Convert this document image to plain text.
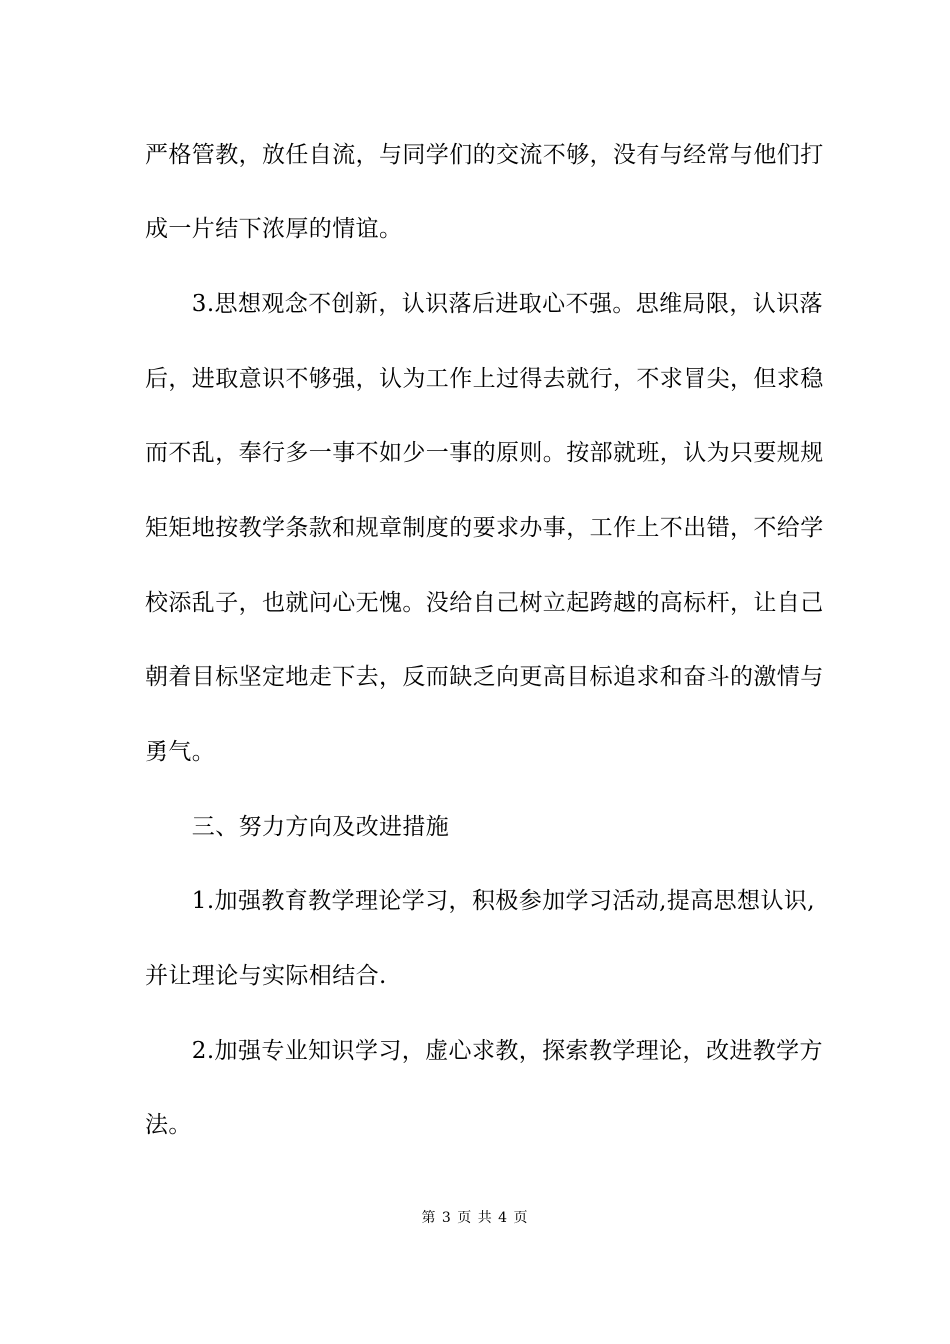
严格管教，放任自流，与同学们的交流不够，没有与经常与他们打
成一片结下浓厚的情谊。
　　3.思想观念不创新，认识落后进取心不强。思维局限，认识落
后，进取意识不够强，认为工作上过得去就行，不求冒尖，但求稳
而不乱，奉行多一事不如少一事的原则。按部就班，认为只要规规
矩矩地按教学条款和规章制度的要求办事，工作上不出错，不给学
校添乱子，也就问心无愧。没给自己树立起跨越的高标杆，让自己
朝着目标坚定地走下去，反而缺乏向更高目标追求和奋斗的激情与
勇气。
　　三、努力方向及改进措施
　　1.加强教育教学理论学习，积极参加学习活动,提高思想认识,
并让理论与实际相结合.
　　2.加强专业知识学习，虚心求教，探索教学理论，改进教学方
法。
第 3 页 共 4 页
